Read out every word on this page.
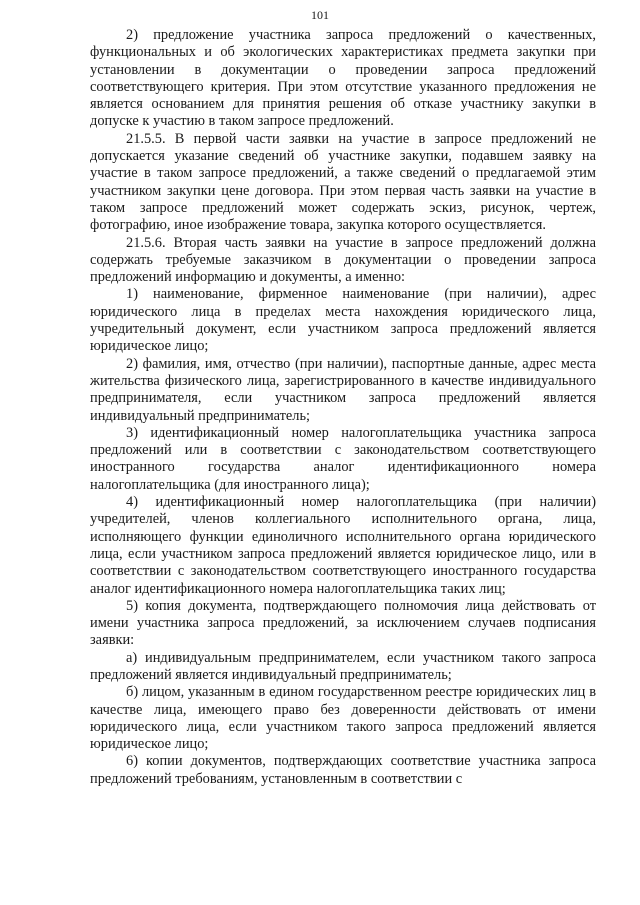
101

2) предложение участника запроса предложений о качественных, функциональных и об экологических характеристиках предмета закупки при установлении в документации о проведении запроса предложений соответствующего критерия. При этом отсутствие указанного предложения не является основанием для принятия решения об отказе участнику закупки в допуске к участию в таком запросе предложений.

21.5.5. В первой части заявки на участие в запросе предложений не допускается указание сведений об участнике закупки, подавшем заявку на участие в таком запросе предложений, а также сведений о предлагаемой этим участником закупки цене договора. При этом первая часть заявки на участие в таком запросе предложений может содержать эскиз, рисунок, чертеж, фотографию, иное изображение товара, закупка которого осуществляется.

21.5.6. Вторая часть заявки на участие в запросе предложений должна содержать требуемые заказчиком в документации о проведении запроса предложений информацию и документы, а именно:

1) наименование, фирменное наименование (при наличии), адрес юридического лица в пределах места нахождения юридического лица, учредительный документ, если участником запроса предложений является юридическое лицо;

2) фамилия, имя, отчество (при наличии), паспортные данные, адрес места жительства физического лица, зарегистрированного в качестве индивидуального предпринимателя, если участником запроса предложений является индивидуальный предприниматель;

3) идентификационный номер налогоплательщика участника запроса предложений или в соответствии с законодательством соответствующего иностранного государства аналог идентификационного номера налогоплательщика (для иностранного лица);

4) идентификационный номер налогоплательщика (при наличии) учредителей, членов коллегиального исполнительного органа, лица, исполняющего функции единоличного исполнительного органа юридического лица, если участником запроса предложений является юридическое лицо, или в соответствии с законодательством соответствующего иностранного государства аналог идентификационного номера налогоплательщика таких лиц;

5) копия документа, подтверждающего полномочия лица действовать от имени участника запроса предложений, за исключением случаев подписания заявки:

а) индивидуальным предпринимателем, если участником такого запроса предложений является индивидуальный предприниматель;

б) лицом, указанным в едином государственном реестре юридических лиц в качестве лица, имеющего право без доверенности действовать от имени юридического лица, если участником такого запроса предложений является юридическое лицо;

6) копии документов, подтверждающих соответствие участника запроса предложений требованиям, установленным в соответствии с
